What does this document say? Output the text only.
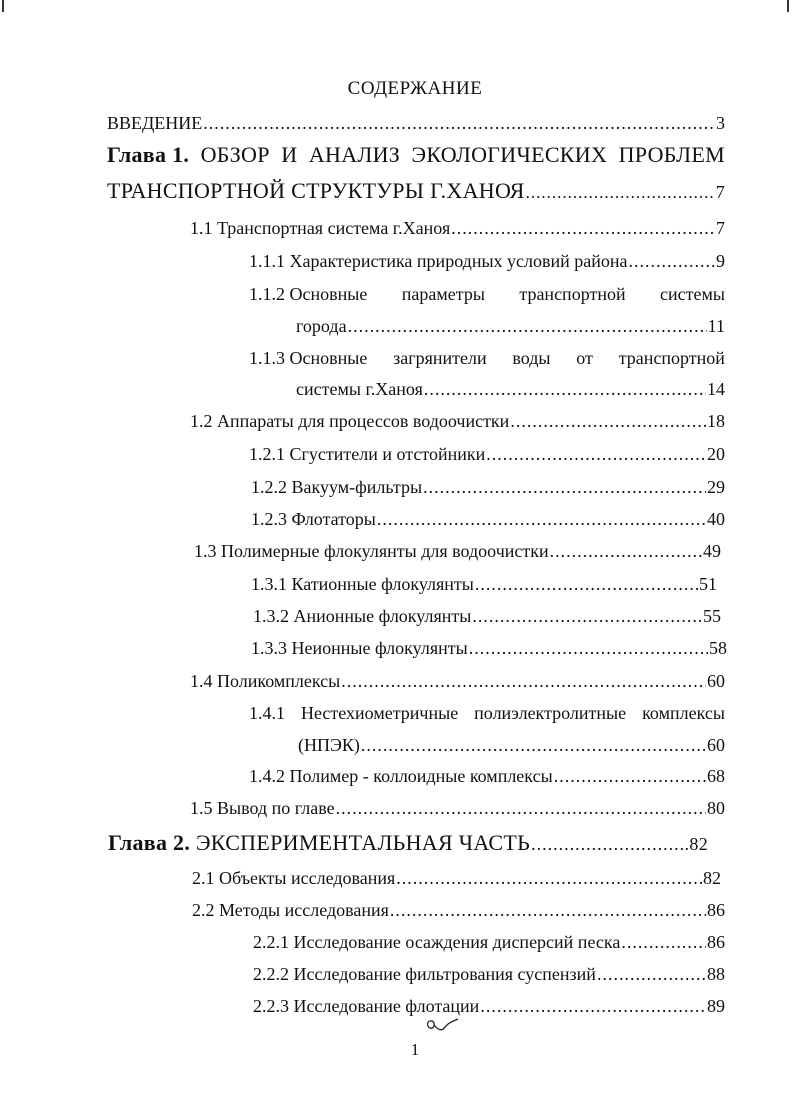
СОДЕРЖАНИЕ
ВВЕДЕНИЕ .....	3
Глава 1. ОБЗОР И АНАЛИЗ ЭКОЛОГИЧЕСКИХ ПРОБЛЕМ
ТРАНСПОРТНОЙ СТРУКТУРЫ Г.ХАНОЯ .....	7
1.1 Транспортная система г.Ханоя .....	7
1.1.1 Характеристика природных условий района .....	9
1.1.2 Основные параметры транспортной системы
города .....	11
1.1.3 Основные загрянители воды от транспортной
системы г.Ханоя .....	14
1.2 Аппараты для процессов водоочистки .....	18
1.2.1 Сгустители и отстойники .....	20
1.2.2 Вакуум-фильтры .....	29
1.2.3 Флотаторы .....	40
1.3 Полимерные флокулянты для водоочистки .....	49
1.3.1 Катионные флокулянты .....	51
1.3.2 Анионные флокулянты .....	55
1.3.3 Неионные флокулянты .....	58
1.4 Поликомплексы .....	60
1.4.1 Нестехиометричные полиэлектролитные комплексы
(НПЭК) .....	60
1.4.2 Полимер - коллоидные комплексы .....	68
1.5 Вывод по главе .....	80
Глава 2. ЭКСПЕРИМЕНТАЛЬНАЯ ЧАСТЬ .....	.82
2.1 Объекты исследования .....	82
2.2 Методы исследования .....	86
2.2.1 Исследование осаждения дисперсий песка .....	86
2.2.2 Исследование фильтрования суспензий .....	88
2.2.3 Исследование флотации .....	89
1
